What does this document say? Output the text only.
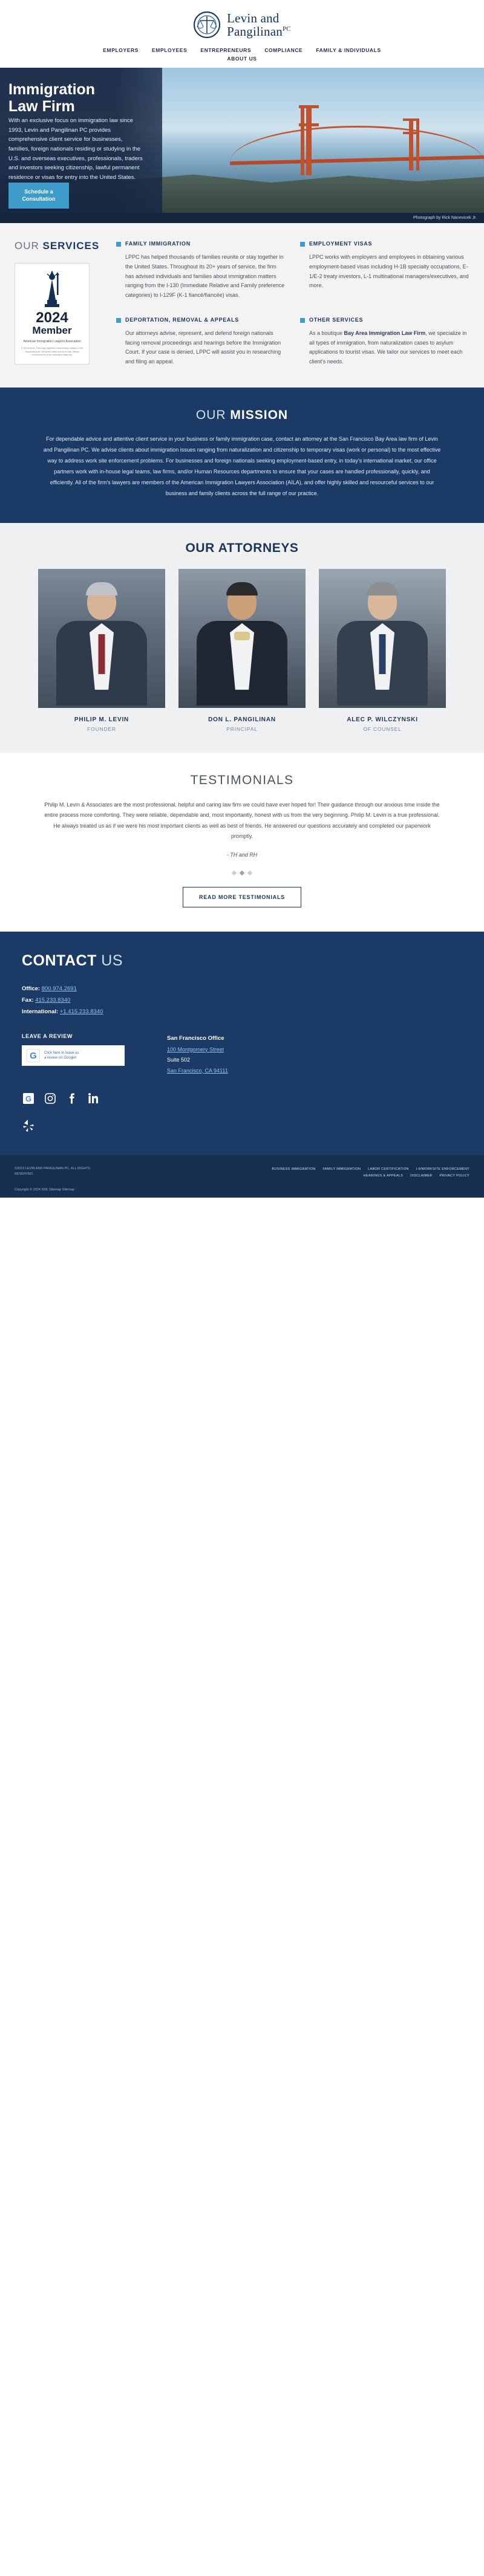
Levin and
Pangilinan$^{PC}$
EMPLOYERS	EMPLOYEES	ENTREPRENEURS	COMPLIANCE	FAMILY & INDIVIDUALS
ABOUT US
Immigration
Law Firm
With an exclusive focus on immigration law since 1993, Levin and Pangilinan PC provides comprehensive client service for businesses, families, foreign nationals residing or studying in the U.S. and overseas executives, professionals, traders and investors seeking citizenship, lawful permanent residence or visas for entry into the United States.
Schedule a
Consultation
Photograph by Rick Nanevicek Jr.
OUR SERVICES
2024
Member
American Immigration Lawyers Association
© 2024 AILA. This logo signifies membership status in the Association for the year noted and is not an official endorsement of an individual attorney.
FAMILY IMMIGRATION
LPPC has helped thousands of families reunite or stay together in the United States. Throughout its 20+ years of service, the firm has advised individuals and families about immigration matters ranging from the I-130 (Immediate Relative and Family preference categories) to I-129F (K-1 fiancé/fiancée) visas.
EMPLOYMENT VISAS
LPPC works with employers and employees in obtaining various employment-based visas including H-1B specialty occupations, E-1/E-2 treaty investors, L-1 multinational managers/executives, and more.
DEPORTATION, REMOVAL & APPEALS
Our attorneys advise, represent, and defend foreign nationals facing removal proceedings and hearings before the Immigration Court. If your case is denied, LPPC will assist you in researching and filing an appeal.
OTHER SERVICES
As a boutique Bay Area Immigration Law Firm, we specialize in all types of immigration, from naturalization cases to asylum applications to tourist visas. We tailor our services to meet each client's needs.
OUR MISSION
For dependable advice and attentive client service in your business or family immigration case, contact an attorney at the San Francisco Bay Area law firm of Levin and Pangilinan PC. We advise clients about immigration issues ranging from naturalization and citizenship to temporary visas (work or personal) to the most effective way to address work site enforcement problems. For businesses and foreign nationals seeking employment-based entry, in today's international market, our office partners work with in-house legal teams, law firms, and/or Human Resources departments to ensure that your cases are handled professionally, quickly, and efficiently. All of the firm's lawyers are members of the American Immigration Lawyers Association (AILA), and offer highly skilled and resourceful services to our business and family clients across the full range of our practice.
OUR ATTORNEYS
PHILIP M. LEVIN
FOUNDER
DON L. PANGILINAN
PRINCIPAL
ALEC P. WILCZYNSKI
OF COUNSEL
TESTIMONIALS
Philip M. Levin & Associates are the most professional, helpful and caring law firm we could have ever hoped for! Their guidance through our anxious time inside the entire process more comforting. They were reliable, dependable and, most importantly, honest with us from the very beginning. Philip M. Levin is a true professional. He always treated us as if we were his most important clients as well as best of friends. He answered our questions accurately and completed our paperwork promptly.
- TH and RH
READ MORE TESTIMONIALS
CONTACT US
Office: 800.974.2691
Fax: 415.233.8340
International: +1.415.233.8340
LEAVE A REVIEW
G	Click here to leave us
a review on Google!
San Francisco Office
100 Montgomery Street
Suite 502
San Francisco, CA 94111
G
©2023 LEVIN AND PANGILINAN PC. ALL RIGHTS RESERVED.
BUSINESS IMMIGRATION FAMILY IMMIGRATION LABOR CERTIFICATION I-9/WORKSITE ENFORCEMENT
HEARINGS & APPEALS DISCLAIMER PRIVACY POLICY
Copyright © 2024 XML Sitemap Sitemap
